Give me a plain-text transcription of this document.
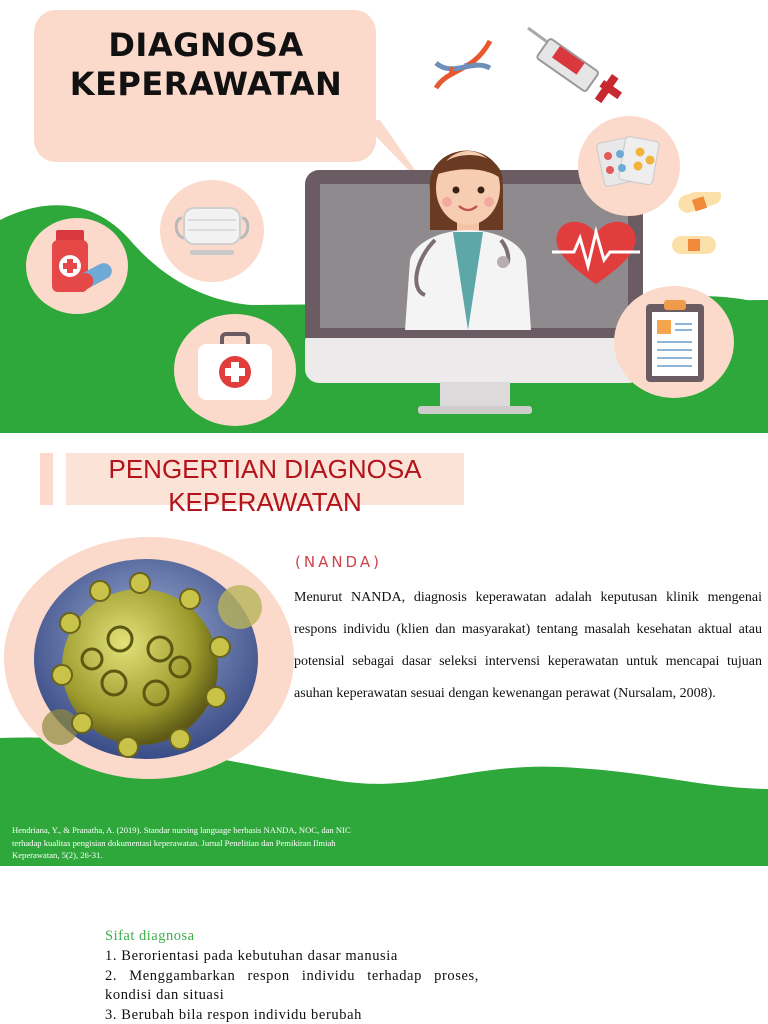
DIAGNOSA
KEPERAWATAN
PENGERTIAN DIAGNOSA
KEPERAWATAN
(NANDA)
Menurut NANDA, diagnosis keperawatan adalah keputusan klinik mengenai respons individu (klien dan masyarakat) tentang masalah kesehatan aktual atau potensial sebagai dasar seleksi intervensi keperawatan untuk mencapai tujuan asuhan keperawatan sesuai dengan kewenangan perawat (Nursalam, 2008).
Hendriana, Y., & Pranatha, A. (2019). Standar nursing language berbasis NANDA, NOC, dan NIC terhadap kualitas pengisian dokumentasi keperawatan. Jurnal Penelitian dan Pemikiran Ilmiah Keperawatan, 5(2), 26-31.
Sifat diagnosa
1. Berorientasi pada kebutuhan dasar manusia
2. Menggambarkan respon individu terhadap proses, kondisi dan situasi
3. Berubah bila respon individu berubah
